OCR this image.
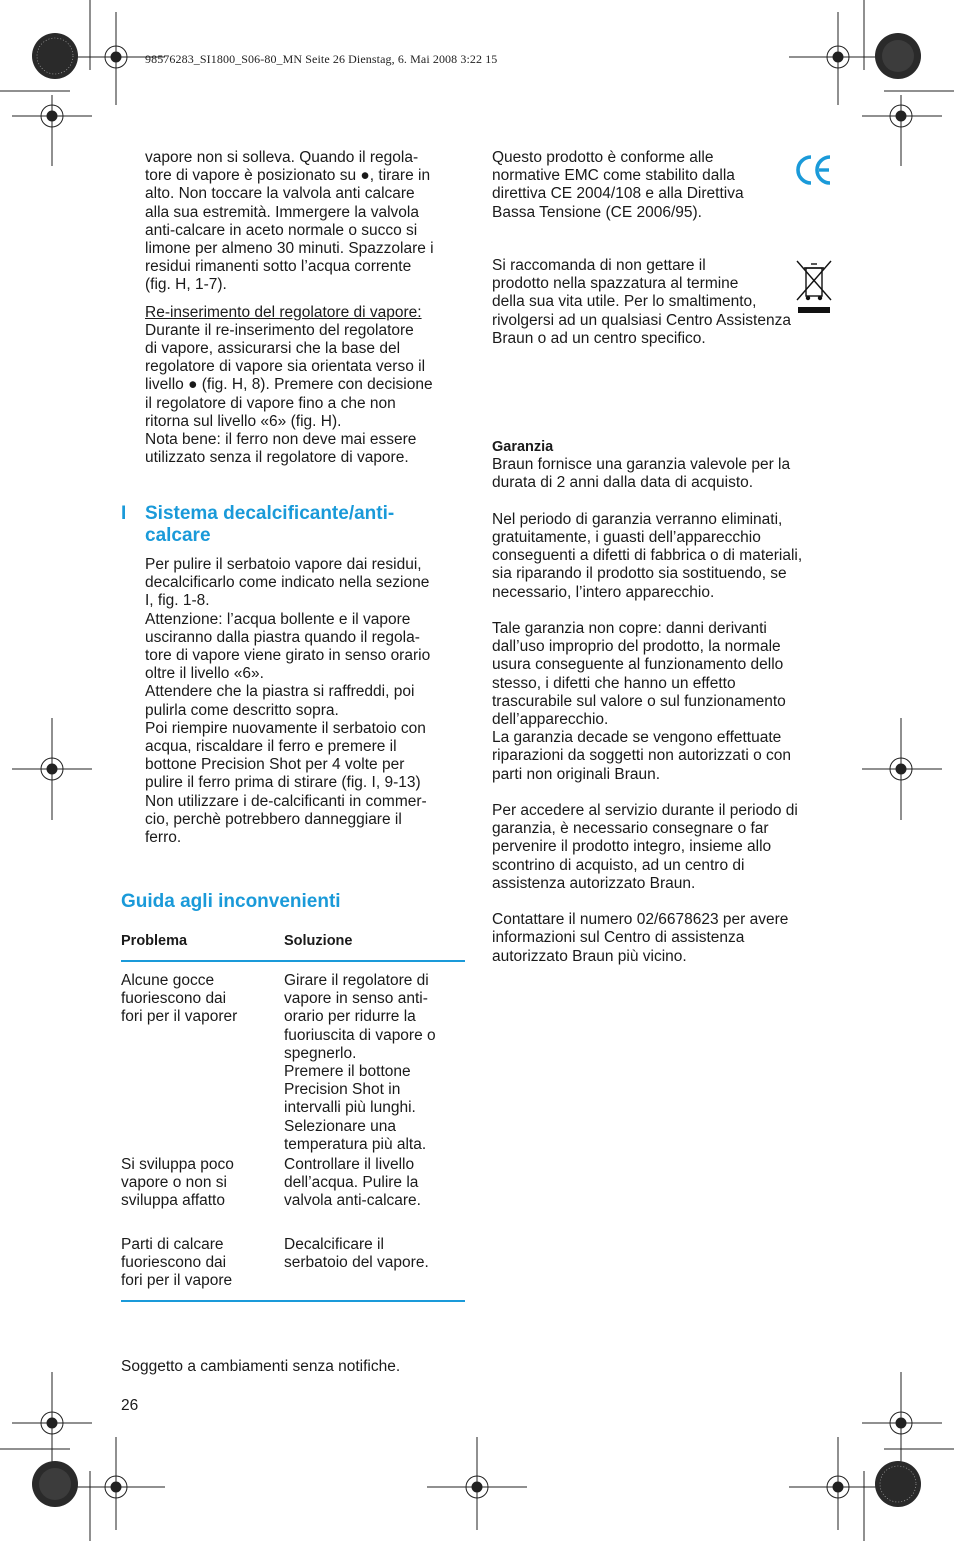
98576283_SI1800_S06-80_MN Seite 26 Dienstag, 6. Mai 2008 3:22 15
vapore non si solleva. Quando il regola-
tore di vapore è posizionato su ●, tirare in
alto. Non toccare la valvola anti calcare
alla sua estremità. Immergere la valvola
anti-calcare in aceto normale o succo si
limone per almeno 30 minuti. Spazzolare i
residui rimanenti sotto l’acqua corrente
(fig. H, 1-7).
Re-inserimento del regolatore di vapore:
Durante il re-inserimento del regolatore
di vapore, assicurarsi che la base del
regolatore di vapore sia orientata verso il
livello ● (fig. H, 8). Premere con decisione
il regolatore di vapore fino a che non
ritorna sul livello «6» (fig. H).
Nota bene: il ferro non deve mai essere
utilizzato senza il regolatore di vapore.
I Sistema decalcificante/anti-
calcare
Per pulire il serbatoio vapore dai residui,
decalcificarlo come indicato nella sezione
I, fig. 1-8.
Attenzione: l’acqua bollente e il vapore
usciranno dalla piastra quando il regola-
tore di vapore viene girato in senso orario
oltre il livello «6».
Attendere che la piastra si raffreddi, poi
pulirla come descritto sopra.
Poi riempire nuovamente il serbatoio con
acqua, riscaldare il ferro e premere il
bottone Precision Shot per 4 volte per
pulire il ferro prima di stirare (fig. I, 9-13)
Non utilizzare i de-calcificanti in commer-
cio, perchè potrebbero danneggiare il
ferro.
Guida agli inconvenienti
Problema	Soluzione
Alcune gocce
fuoriescono dai
fori per il vaporer
Girare il regolatore di
vapore in senso anti-
orario per ridurre la
fuoriuscita di vapore o
spegnerlo.
Premere il bottone
Precision Shot in
intervalli più lunghi.
Selezionare una
temperatura più alta.
Si sviluppa poco
vapore o non si
sviluppa affatto
Controllare il livello
dell’acqua. Pulire la
valvola anti-calcare.
Parti di calcare
fuoriescono dai
fori per il vapore
Decalcificare il
serbatoio del vapore.
Soggetto a cambiamenti senza notifiche.
26
Questo prodotto è conforme alle
normative EMC come stabilito dalla
direttiva CE 2004/108 e alla Direttiva
Bassa Tensione (CE 2006/95).
Si raccomanda di non gettare il
prodotto nella spazzatura al termine
della sua vita utile. Per lo smaltimento,
rivolgersi ad un qualsiasi Centro Assistenza
Braun o ad un centro specifico.
Garanzia
Braun fornisce una garanzia valevole per la
durata di 2 anni dalla data di acquisto.
Nel periodo di garanzia verranno eliminati,
gratuitamente, i guasti dell’apparecchio
conseguenti a difetti di fabbrica o di materiali,
sia riparando il prodotto sia sostituendo, se
necessario, l’intero apparecchio.
Tale garanzia non copre: danni derivanti
dall’uso improprio del prodotto, la normale
usura conseguente al funzionamento dello
stesso, i difetti che hanno un effetto
trascurabile sul valore o sul funzionamento
dell’apparecchio.
La garanzia decade se vengono effettuate
riparazioni da soggetti non autorizzati o con
parti non originali Braun.
Per accedere al servizio durante il periodo di
garanzia, è necessario consegnare o far
pervenire il prodotto integro, insieme allo
scontrino di acquisto, ad un centro di
assistenza autorizzato Braun.
Contattare il numero 02/6678623 per avere
informazioni sul Centro di assistenza
autorizzato Braun più vicino.
